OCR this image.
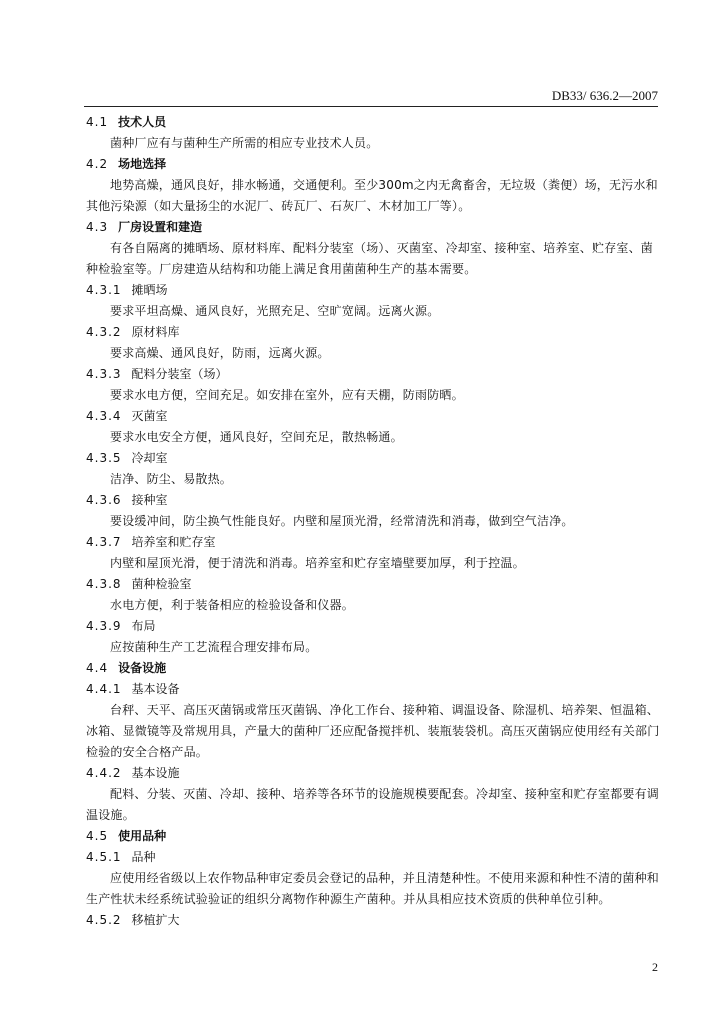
DB33/ 636.2—2007
4.1 技术人员
菌种厂应有与菌种生产所需的相应专业技术人员。
4.2 场地选择
地势高燥，通风良好，排水畅通，交通便利。至少300m之内无禽畜舍，无垃圾（粪便）场，无污水和其他污染源（如大量扬尘的水泥厂、砖瓦厂、石灰厂、木材加工厂等）。
4.3 厂房设置和建造
有各自隔离的摊晒场、原材料库、配料分装室（场）、灭菌室、冷却室、接种室、培养室、贮存室、菌种检验室等。厂房建造从结构和功能上满足食用菌菌种生产的基本需要。
4.3.1 摊晒场
要求平坦高燥、通风良好，光照充足、空旷宽阔。远离火源。
4.3.2 原材料库
要求高燥、通风良好，防雨，远离火源。
4.3.3 配料分装室（场）
要求水电方便，空间充足。如安排在室外，应有天棚，防雨防晒。
4.3.4 灭菌室
要求水电安全方便，通风良好，空间充足，散热畅通。
4.3.5 冷却室
洁净、防尘、易散热。
4.3.6 接种室
要设缓冲间，防尘换气性能良好。内壁和屋顶光滑，经常清洗和消毒，做到空气洁净。
4.3.7 培养室和贮存室
内壁和屋顶光滑，便于清洗和消毒。培养室和贮存室墙壁要加厚，利于控温。
4.3.8 菌种检验室
水电方便，利于装备相应的检验设备和仪器。
4.3.9 布局
应按菌种生产工艺流程合理安排布局。
4.4 设备设施
4.4.1 基本设备
台秤、天平、高压灭菌锅或常压灭菌锅、净化工作台、接种箱、调温设备、除湿机、培养架、恒温箱、冰箱、显微镜等及常规用具，产量大的菌种厂还应配备搅拌机、装瓶装袋机。高压灭菌锅应使用经有关部门检验的安全合格产品。
4.4.2 基本设施
配料、分装、灭菌、冷却、接种、培养等各环节的设施规模要配套。冷却室、接种室和贮存室都要有调温设施。
4.5 使用品种
4.5.1 品种
应使用经省级以上农作物品种审定委员会登记的品种，并且清楚种性。不使用来源和种性不清的菌种和生产性状未经系统试验验证的组织分离物作种源生产菌种。并从具相应技术资质的供种单位引种。
4.5.2 移植扩大
2
